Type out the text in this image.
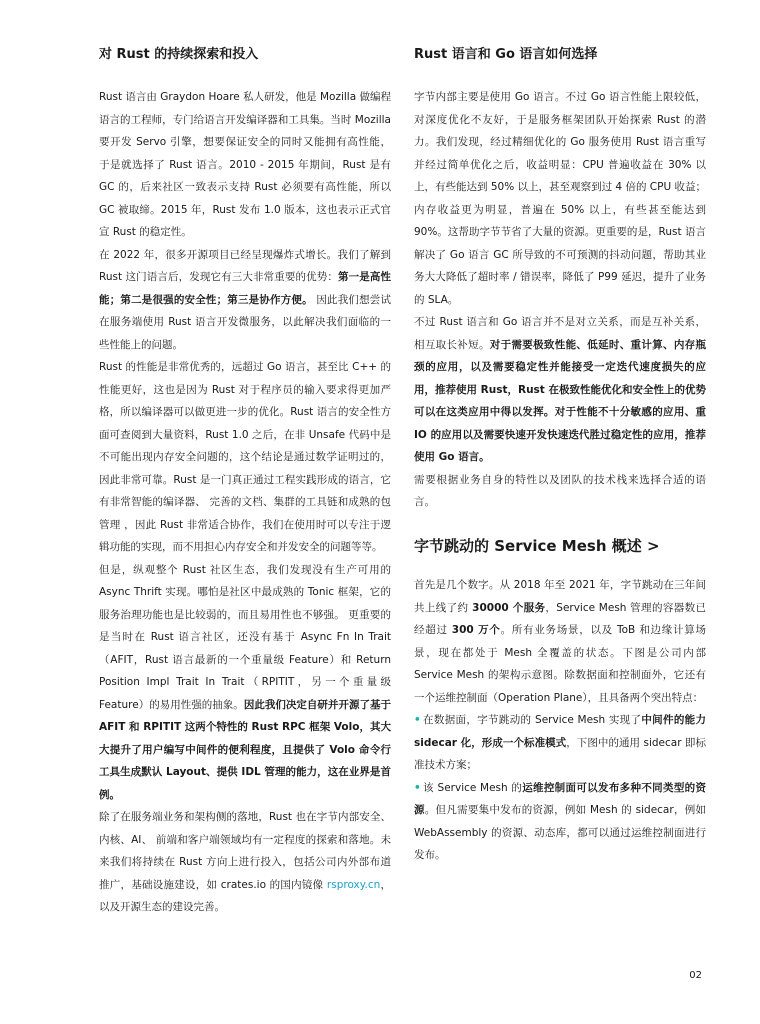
对 Rust 的持续探索和投入

Rust 语言由 Graydon Hoare 私人研发，他是 Mozilla 做编程语言的工程师，专门给语言开发编译器和工具集。当时 Mozilla 要开发 Servo 引擎，想要保证安全的同时又能拥有高性能， 于是就选择了 Rust 语言。2010 - 2015 年期间，Rust 是有 GC 的，后来社区一致表示支持 Rust 必须要有高性能，所以 GC 被取缔。2015 年，Rust 发布 1.0 版本，这也表示正式官宣 Rust 的稳定性。

在 2022 年，很多开源项目已经呈现爆炸式增长。我们了解到 Rust 这门语言后，发现它有三大非常重要的优势：第一是高性能；第二是很强的安全性；第三是协作方便。 因此我们想尝试在服务端使用 Rust 语言开发微服务，以此解决我们面临的一些性能上的问题。

Rust 的性能是非常优秀的，远超过 Go 语言，甚至比 C++ 的性能更好，这也是因为 Rust 对于程序员的输入要求得更加严格，所以编译器可以做更进一步的优化。Rust 语言的安全性方面可查阅到大量资料，Rust 1.0 之后，在非 Unsafe 代码中是不可能出现内存安全问题的，这个结论是通过数学证明过的，因此非常可靠。Rust 是一门真正通过工程实践形成的语言，它有非常智能的编译器、 完善的文档、集群的工具链和成熟的包管理 ，因此 Rust 非常适合协作，我们在使用时可以专注于逻辑功能的实现，而不用担心内存安全和并发安全的问题等等。

但是，纵观整个 Rust 社区生态，我们发现没有生产可用的 Async Thrift 实现。哪怕是社区中最成熟的 Tonic 框架，它的服务治理功能也是比较弱的，而且易用性也不够强。 更重要的是当时在 Rust 语言社区，还没有基于 Async Fn In Trait （AFIT，Rust 语言最新的一个重量级 Feature）和 Return Position Impl Trait In Trait（RPITIT，另一个重量级 Feature）的易用性强的抽象。因此我们决定自研并开源了基于 AFIT 和 RPITIT 这两个特性的 Rust RPC 框架 Volo，其大大提升了用户编写中间件的便利程度，且提供了 Volo 命令行工具生成默认 Layout、提供 IDL 管理的能力，这在业界是首例。

除了在服务端业务和架构侧的落地，Rust 也在字节内部安全、内核、AI、 前端和客户端领域均有一定程度的探索和落地。未来我们将持续在 Rust 方向上进行投入，包括公司内外部布道推广，基础设施建设，如 crates.io 的国内镜像 rsproxy.cn，以及开源生态的建设完善。

Rust 语言和 Go 语言如何选择

字节内部主要是使用 Go 语言。不过 Go 语言性能上限较低，对深度优化不友好，于是服务框架团队开始探索 Rust 的潜力。我们发现，经过精细优化的 Go 服务使用 Rust 语言重写并经过简单优化之后，收益明显：CPU 普遍收益在 30% 以上，有些能达到 50% 以上，甚至观察到过 4 倍的 CPU 收益；内存收益更为明显，普遍在 50% 以上，有些甚至能达到 90%。这帮助字节节省了大量的资源。更重要的是，Rust 语言解决了 Go 语言 GC 所导致的不可预测的抖动问题，帮助其业务大大降低了超时率 / 错误率，降低了 P99 延迟，提升了业务的 SLA。

不过 Rust 语言和 Go 语言并不是对立关系，而是互补关系，相互取长补短。对于需要极致性能、低延时、重计算、内存瓶颈的应用，以及需要稳定性并能接受一定迭代速度损失的应用，推荐使用 Rust，Rust 在极致性能优化和安全性上的优势可以在这类应用中得以发挥。对于性能不十分敏感的应用、重 IO 的应用以及需要快速开发快速迭代胜过稳定性的应用，推荐使用 Go 语言。

需要根据业务自身的特性以及团队的技术栈来选择合适的语言。

字节跳动的 Service Mesh 概述 >

首先是几个数字。从 2018 年至 2021 年，字节跳动在三年间共上线了约 30000 个服务，Service Mesh 管理的容器数已经超过 300 万个。所有业务场景，以及 ToB 和边缘计算场景，现在都处于 Mesh 全覆盖的状态。下图是公司内部 Service Mesh 的架构示意图。除数据面和控制面外，它还有一个运维控制面（Operation Plane），且具备两个突出特点：

• 在数据面，字节跳动的 Service Mesh 实现了中间件的能力 sidecar 化，形成一个标准模式，下图中的通用 sidecar 即标准技术方案；

• 该 Service Mesh 的运维控制面可以发布多种不同类型的资源。但凡需要集中发布的资源，例如 Mesh 的 sidecar，例如 WebAssembly 的资源、动态库，都可以通过运维控制面进行发布。

02
